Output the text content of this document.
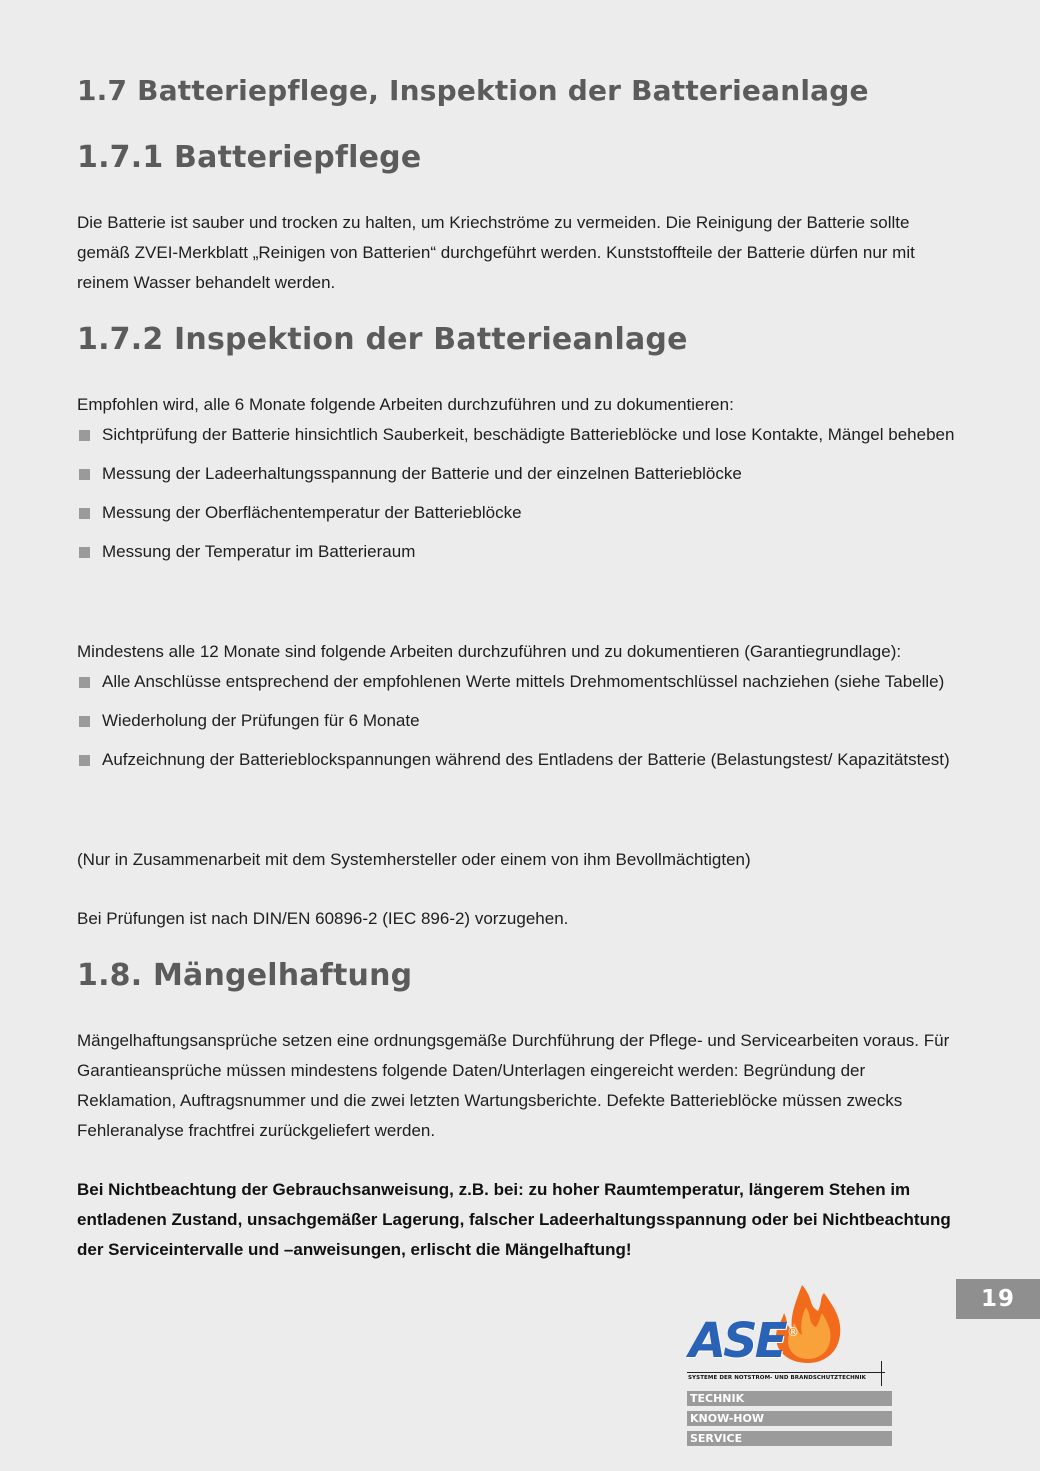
1.7 Batteriepflege, Inspektion der Batterieanlage
1.7.1 Batteriepflege
Die Batterie ist sauber und trocken zu halten, um Kriechströme zu vermeiden. Die Reinigung der Batterie sollte gemäß ZVEI-Merkblatt „Reinigen von Batterien“ durchgeführt werden. Kunststoffteile der Batterie dürfen nur mit reinem Wasser behandelt werden.
1.7.2 Inspektion der Batterieanlage
Empfohlen wird, alle 6 Monate folgende Arbeiten durchzuführen und zu dokumentieren:
Sichtprüfung der Batterie hinsichtlich Sauberkeit, beschädigte Batterieblöcke und lose Kontakte, Mängel beheben
Messung der Ladeerhaltungsspannung der Batterie und der einzelnen Batterieblöcke
Messung der Oberflächentemperatur der Batterieblöcke
Messung der Temperatur im Batterieraum
Mindestens alle 12 Monate sind folgende Arbeiten durchzuführen und zu dokumentieren (Garantiegrundlage):
Alle Anschlüsse entsprechend der empfohlenen Werte mittels Drehmomentschlüssel nachziehen (siehe Tabelle)
Wiederholung der Prüfungen für 6 Monate
Aufzeichnung der Batterieblockspannungen während des Entladens der Batterie (Belastungstest/ Kapazitätstest)
(Nur in Zusammenarbeit mit dem Systemhersteller oder einem von ihm Bevollmächtigten)
Bei Prüfungen ist nach DIN/EN 60896-2 (IEC 896-2) vorzugehen.
1.8. Mängelhaftung
Mängelhaftungsansprüche setzen eine ordnungsgemäße Durchführung der Pflege- und Servicearbeiten voraus. Für Garantieansprüche müssen mindestens folgende Daten/Unterlagen eingereicht werden: Begründung der Reklamation, Auftragsnummer und die zwei letzten Wartungsberichte. Defekte Batterieblöcke müssen zwecks Fehleranalyse frachtfrei zurückgeliefert werden.
Bei Nichtbeachtung der Gebrauchsanweisung, z.B. bei: zu hoher Raumtemperatur, längerem Stehen im entladenen Zustand, unsachgemäßer Lagerung, falscher Ladeerhaltungsspannung oder bei Nichtbeachtung der Serviceintervalle und –anweisungen, erlischt die Mängelhaftung!
19
ASE ®
SYSTEME DER NOTSTROM- UND BRANDSCHUTZTECHNIK
TECHNIK
KNOW-HOW
SERVICE
